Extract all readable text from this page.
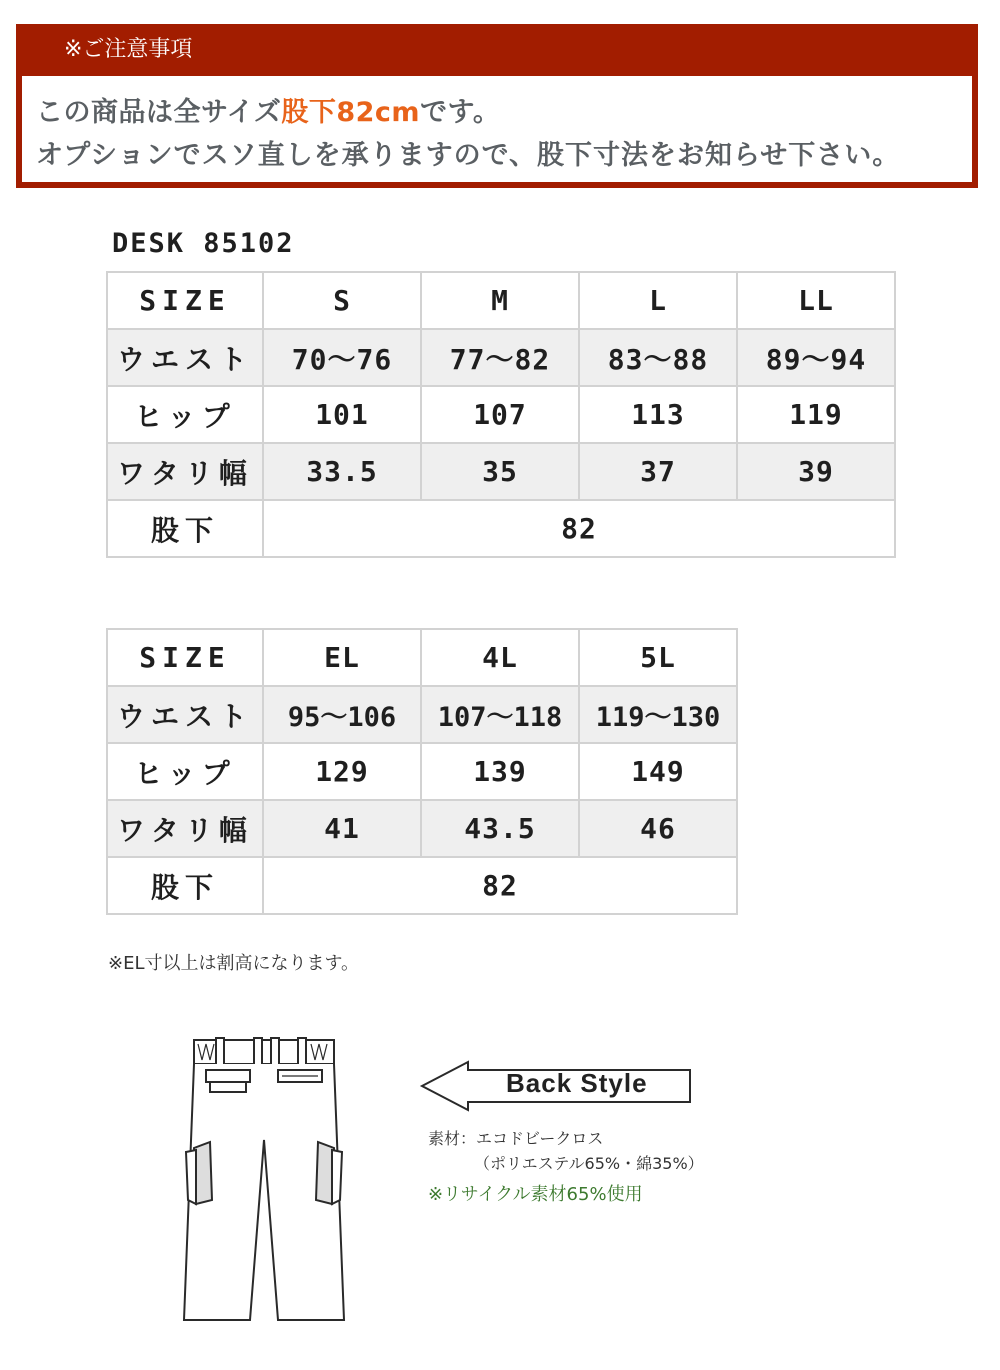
※ご注意事項
この商品は全サイズ股下82cmです。
オプションでスソ直しを承りますので、股下寸法をお知らせ下さい。
DESK 85102
SIZE	S	M	L	LL
ウエスト	70〜76	77〜82	83〜88	89〜94
ヒップ	101	107	113	119
ワタリ幅	33.5	35	37	39
股下	82			
SIZE	EL	4L	5L
ウエスト	95〜106	107〜118	119〜130
ヒップ	129	139	149
ワタリ幅	41	43.5	46
股下	82		
※EL寸以上は割高になります。
Back Style
素材：エコドビークロス
（ポリエステル65%・綿35%）
※リサイクル素材65%使用
